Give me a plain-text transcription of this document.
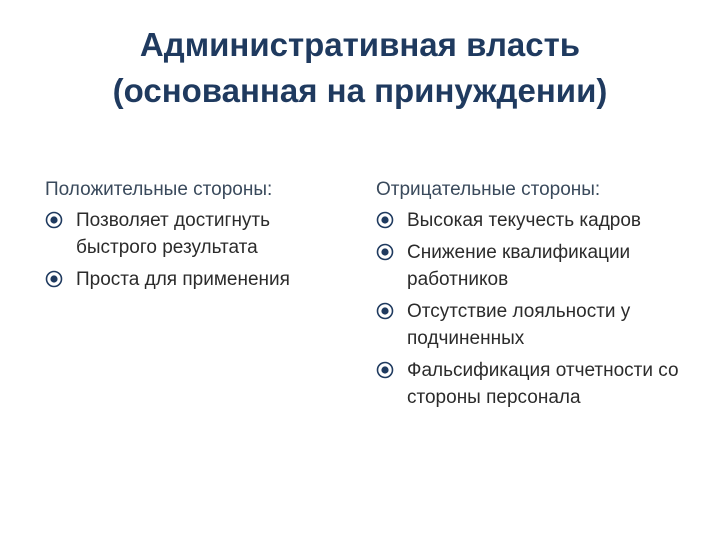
Административная власть
(основанная на принуждении)
Положительные стороны:
Позволяет достигнуть быстрого результата
Проста для применения
Отрицательные стороны:
Высокая текучесть кадров
Снижение квалификации работников
Отсутствие лояльности у подчиненных
Фальсификация отчетности со стороны персонала
